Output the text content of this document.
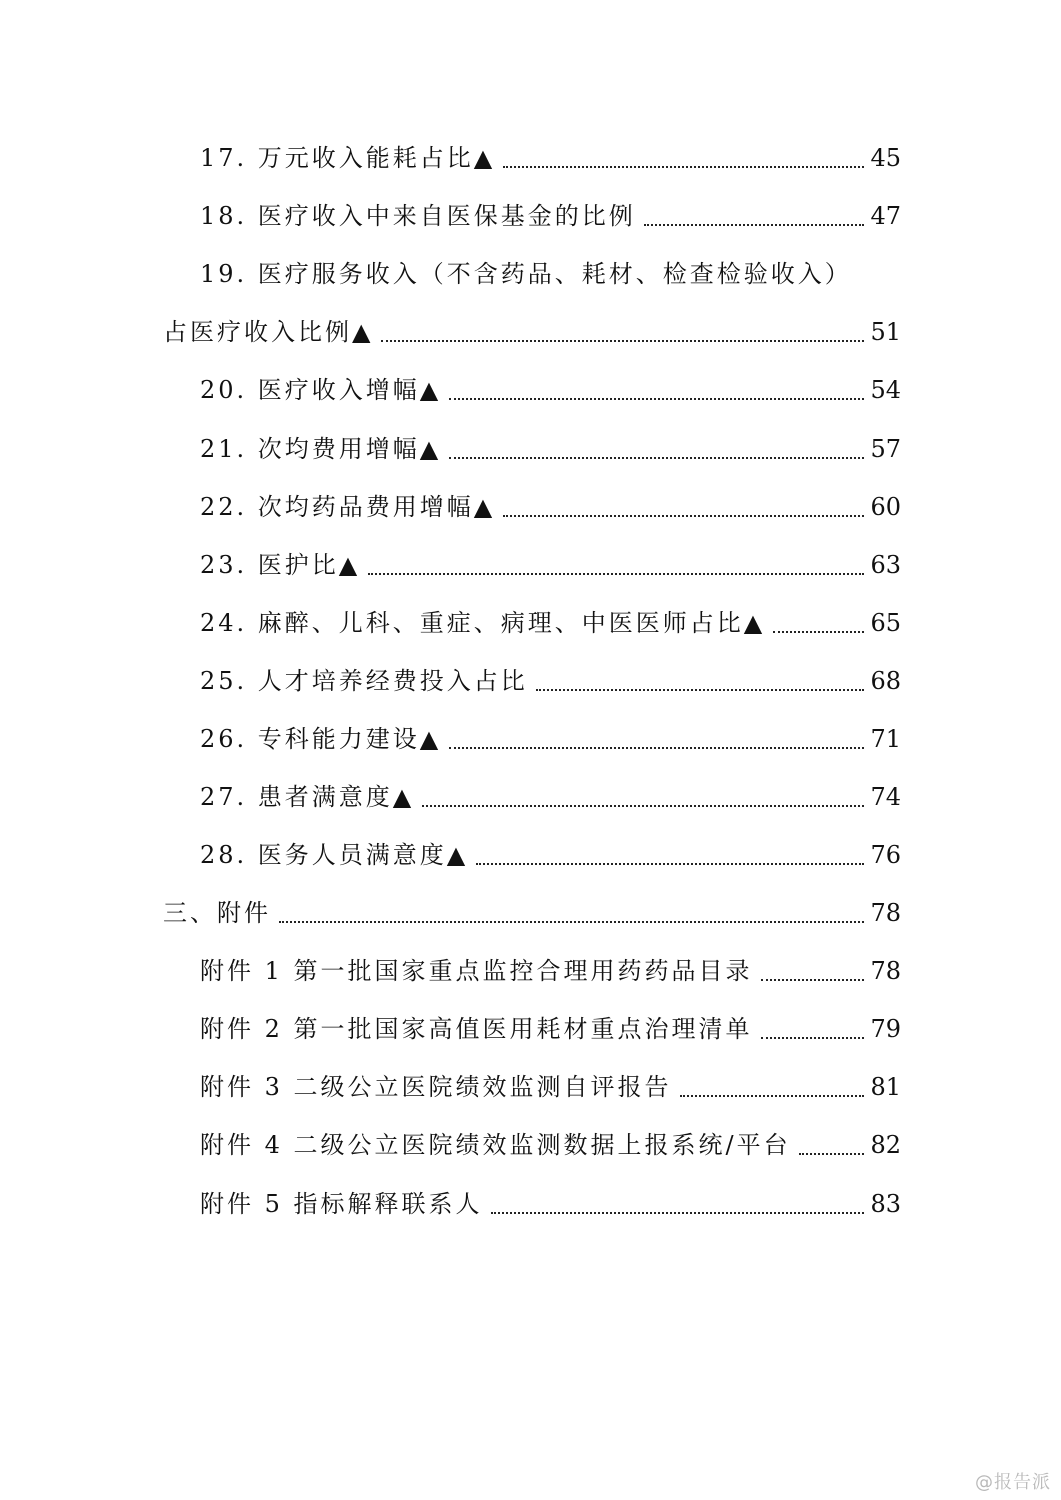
17. 万元收入能耗占比▲	45
18. 医疗收入中来自医保基金的比例	47
19. 医疗服务收入（不含药品、耗材、检查检验收入）
占医疗收入比例▲	51
20. 医疗收入增幅▲	54
21. 次均费用增幅▲	57
22. 次均药品费用增幅▲	60
23. 医护比▲	63
24. 麻醉、儿科、重症、病理、中医医师占比▲	65
25. 人才培养经费投入占比	68
26. 专科能力建设▲	71
27. 患者满意度▲	74
28. 医务人员满意度▲	76
三、附件	78
附件 1 第一批国家重点监控合理用药药品目录	78
附件 2 第一批国家高值医用耗材重点治理清单	79
附件 3 二级公立医院绩效监测自评报告	81
附件 4 二级公立医院绩效监测数据上报系统/平台	82
附件 5 指标解释联系人	83
@报告派
